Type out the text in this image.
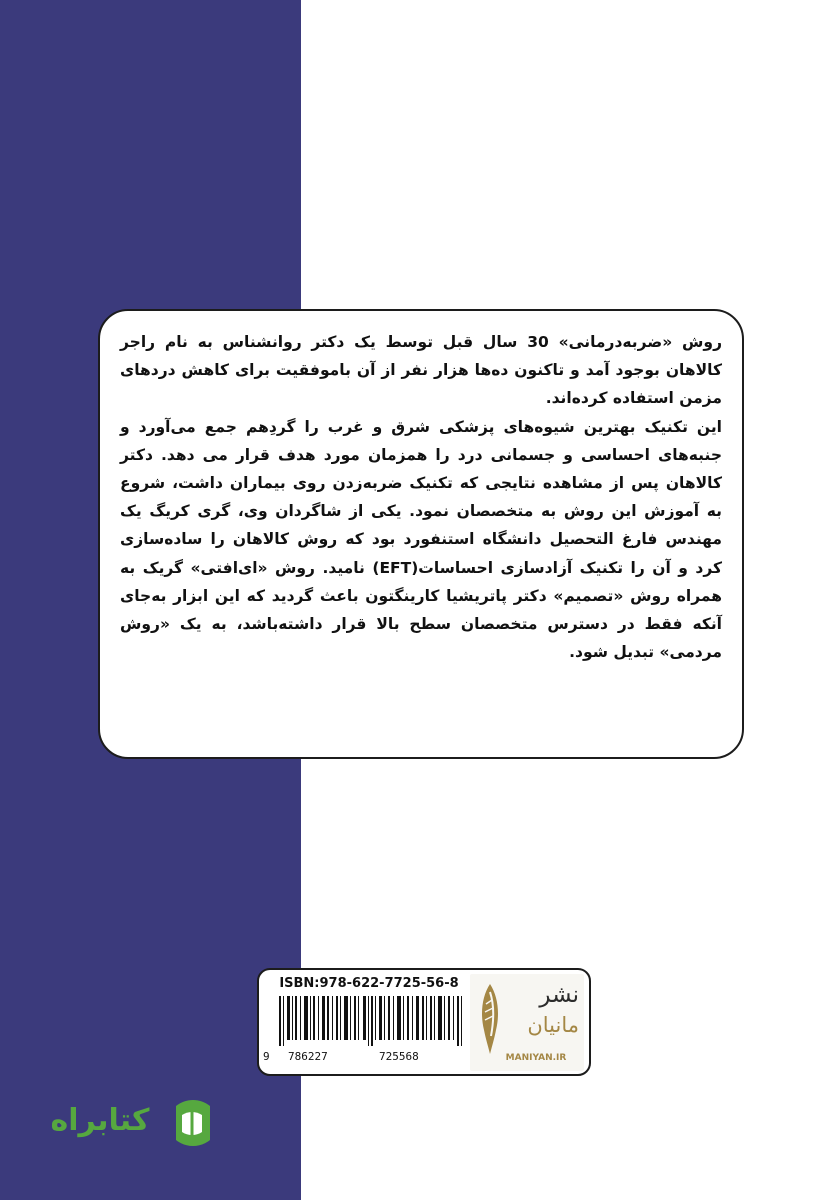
روش «ضربه‌درمانی» 30 سال قبل توسط یک دکتر روانشناس به نام راجر کالاهان بوجود آمد و تاکنون ده‌ها هزار نفر از آن باموفقیت برای کاهش دردهای مزمن استفاده کرده‌اند.

این تکنیک بهترین شیوه‌های پزشکی شرق و غرب را گردِهم جمع می‌آورد و جنبه‌های احساسی و جسمانی درد را همزمان مورد هدف قرار می دهد. دکتر کالاهان پس از مشاهده نتایجی که تکنیک ضربه‌زدن روی بیماران داشت، شروع به آموزش این روش به متخصصان نمود. یکی از شاگردان وی، گری کریگ یک مهندس فارغ التحصیل دانشگاه استنفورد بود که روش کالاهان را ساده‌سازی کرد و آن را تکنیک آزادسازی احساسات(EFT) نامید. روش «ای‌افتی» گریک به همراه روش «تصمیم» دکتر پاتریشیا کارینگتون باعث گردید که این ابزار به‌جای آنکه فقط در دسترس متخصصان سطح بالا قرار داشته‌باشد، به یک «روش مردمی» تبدیل شود.

ISBN:978-622-7725-56-8

9 786227	725568

نشر

مانیان

MANIYAN.IR

کتابراه
